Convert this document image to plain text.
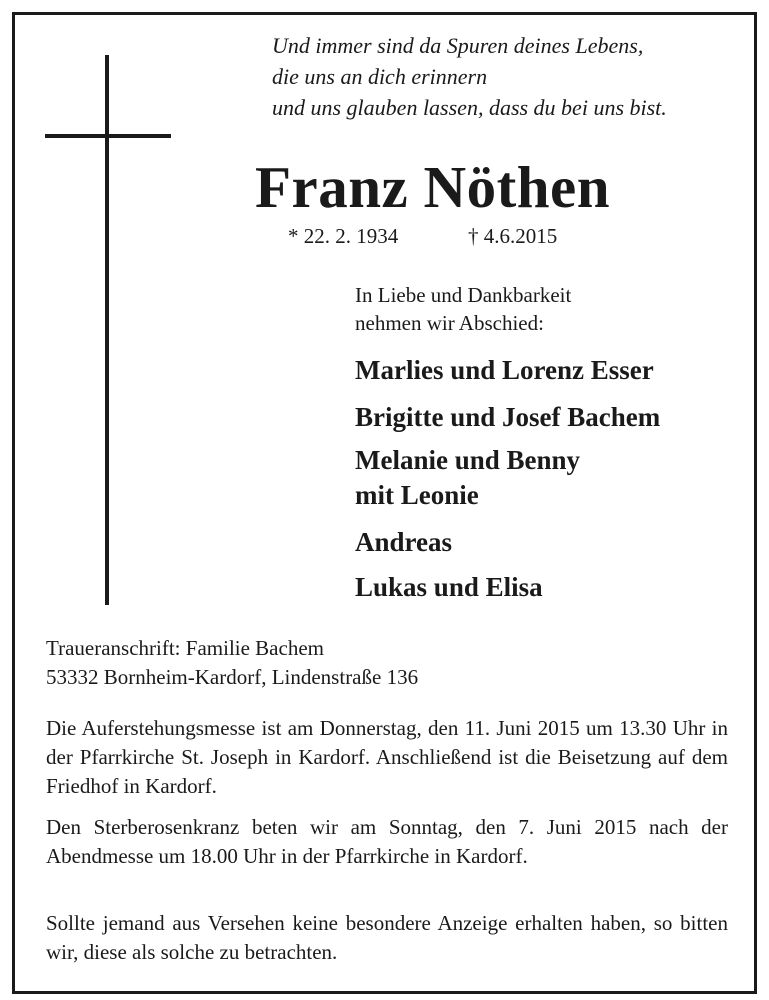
Und immer sind da Spuren deines Lebens,
die uns an dich erinnern
und uns glauben lassen, dass du bei uns bist.

Franz Nöthen
* 22. 2. 1934	† 4.6.2015
In Liebe und Dankbarkeit
nehmen wir Abschied:
Marlies und Lorenz Esser
Brigitte und Josef Bachem
Melanie und Benny
mit Leonie
Andreas
Lukas und Elisa
Traueranschrift: Familie Bachem
53332 Bornheim-Kardorf, Lindenstraße 136

Die Auferstehungsmesse ist am Donnerstag, den 11. Juni 2015 um 13.30 Uhr in der Pfarrkirche St. Joseph in Kardorf. Anschließend ist die Beisetzung auf dem Friedhof in Kardorf.

Den Sterberosenkranz beten wir am Sonntag, den 7. Juni 2015 nach der Abendmesse um 18.00 Uhr in der Pfarrkirche in Kardorf.

Sollte jemand aus Versehen keine besondere Anzeige erhalten haben, so bitten wir, diese als solche zu betrachten.
